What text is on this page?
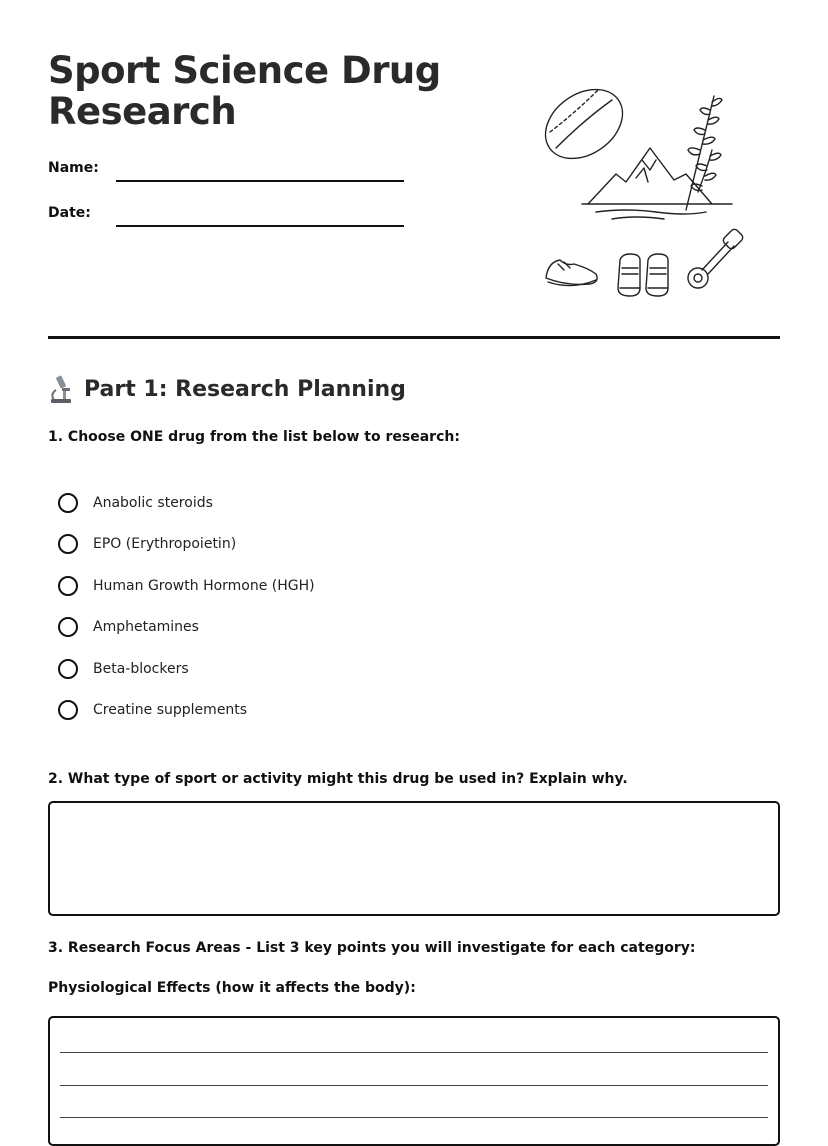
Sport Science Drug Research
Name:
Date:
Part 1: Research Planning
1. Choose ONE drug from the list below to research:
Anabolic steroids
EPO (Erythropoietin)
Human Growth Hormone (HGH)
Amphetamines
Beta-blockers
Creatine supplements
2. What type of sport or activity might this drug be used in? Explain why.
3. Research Focus Areas - List 3 key points you will investigate for each category:
Physiological Effects (how it affects the body):
